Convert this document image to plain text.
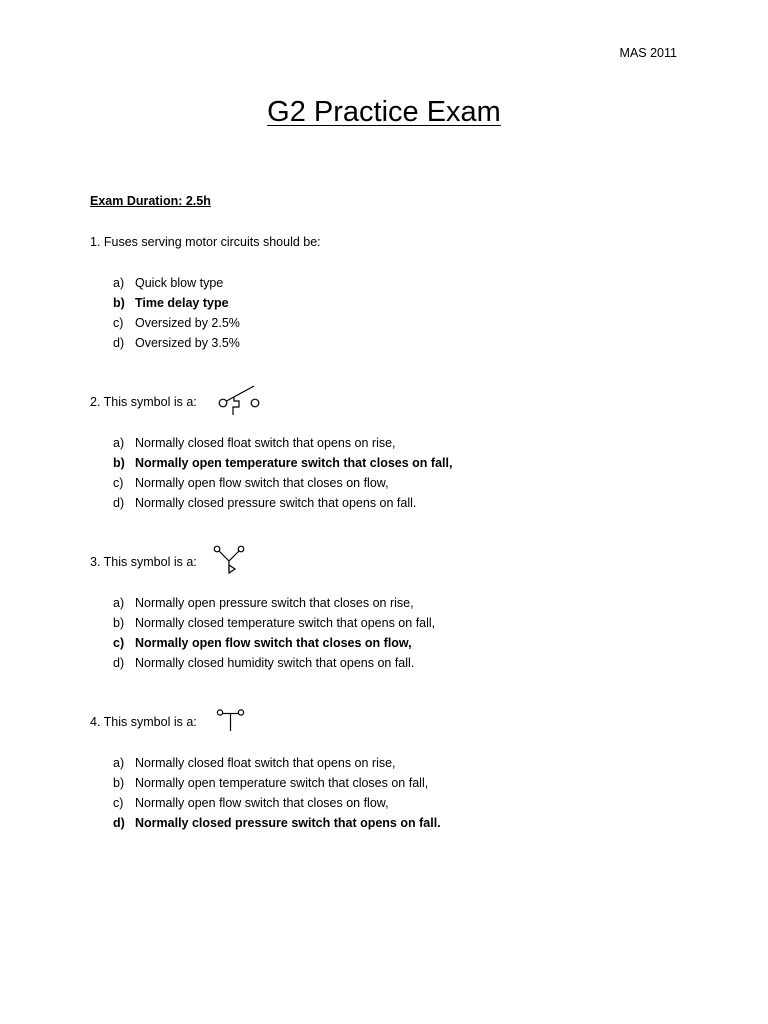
MAS 2011
G2 Practice Exam
Exam Duration: 2.5h
1. Fuses serving motor circuits should be:
a) Quick blow type
b) Time delay type
c) Oversized by 2.5%
d) Oversized by 3.5%
2. This symbol is a:
a) Normally closed float switch that opens on rise,
b) Normally open temperature switch that closes on fall,
c) Normally open flow switch that closes on flow,
d) Normally closed pressure switch that opens on fall.
3. This symbol is a:
a) Normally open pressure switch that closes on rise,
b) Normally closed temperature switch that opens on fall,
c) Normally open flow switch that closes on flow,
d) Normally closed humidity switch that opens on fall.
4. This symbol is a:
a) Normally closed float switch that opens on rise,
b) Normally open temperature switch that closes on fall,
c) Normally open flow switch that closes on flow,
d) Normally closed pressure switch that opens on fall.
